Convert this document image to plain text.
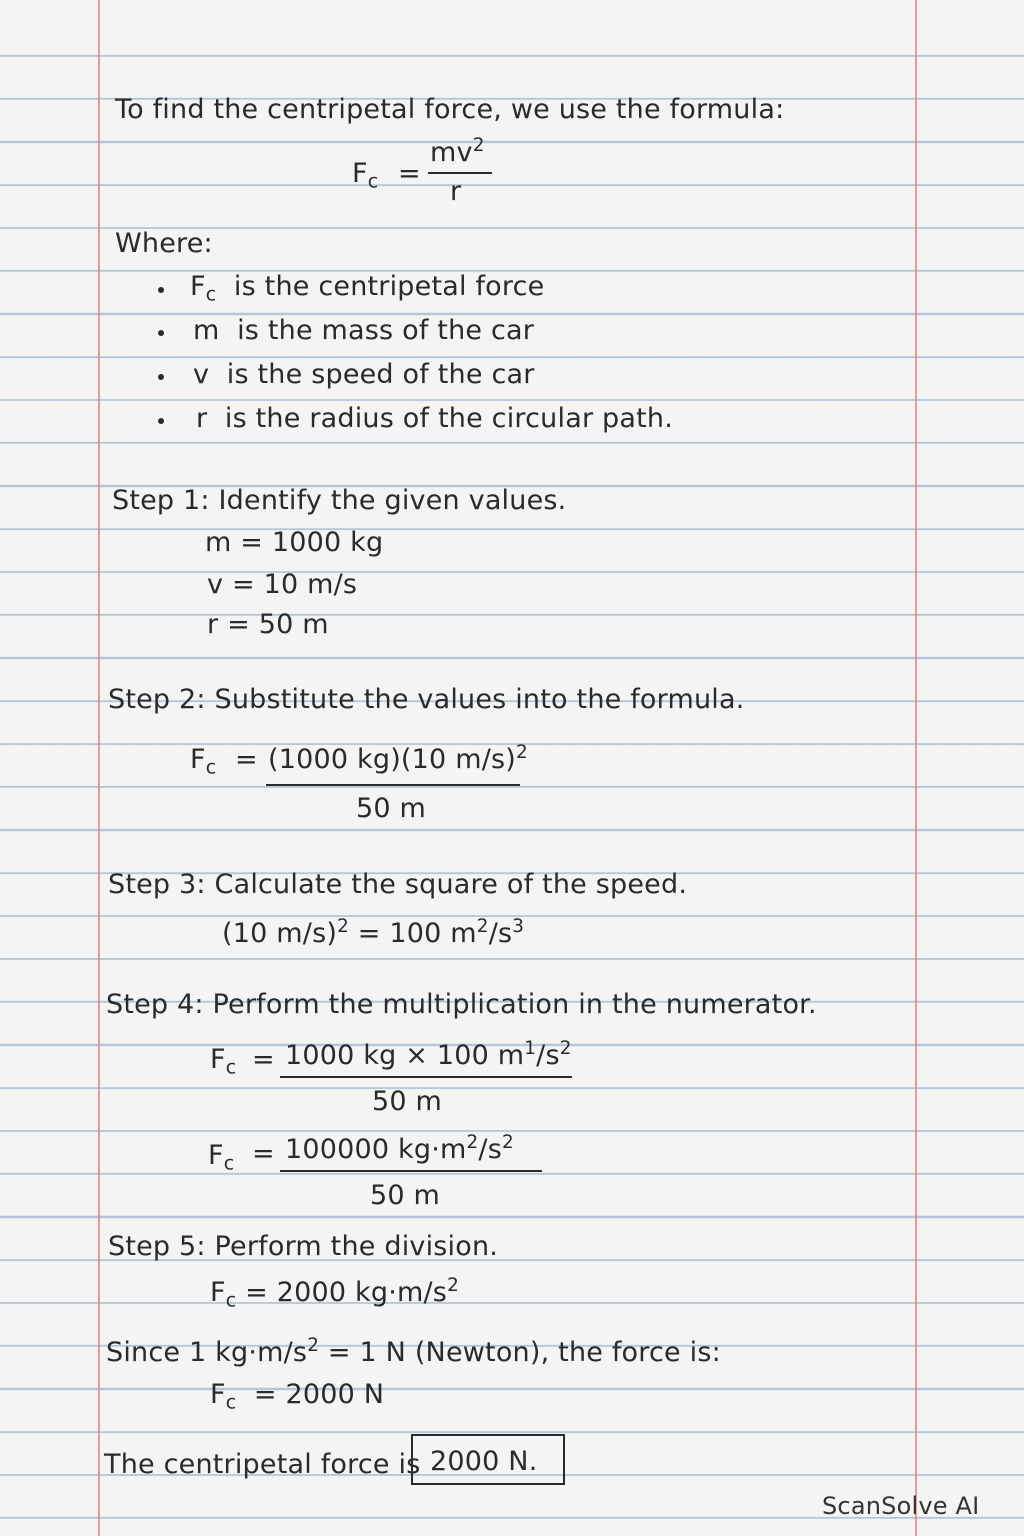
To find the centripetal force, we use the formula:
$F_c$ =
$mv^2$
r
Where:
$F_c$ is the centripetal force
m is the mass of the car
v is the speed of the car
r is the radius of the circular path.
Step 1: Identify the given values.
m = 1000 kg
v = 10 m/s
r = 50 m
Step 2: Substitute the values into the formula.
$F_c = (1000$ kg)(10 m/s)$^2$
50 m
Step 3: Calculate the square of the speed.
(10 m/s)$^2$ = 100 $m^2/s^3$
Step 4: Perform the multiplication in the numerator.
$F_c = 1000$ kg × 100 $m^1/s^2$
50 m
$F_c = 100000$ $kg\cdot m^2/s^2$
50 m
Step 5: Perform the division.
$F_c = 2000$ $kg\cdot m/s^2$
Since 1 $kg\cdot m/s^2 = 1$ N (Newton), the force is:
$F_c = 2000$ N
The centripetal force is 2000 N.
ScanSolve AI
